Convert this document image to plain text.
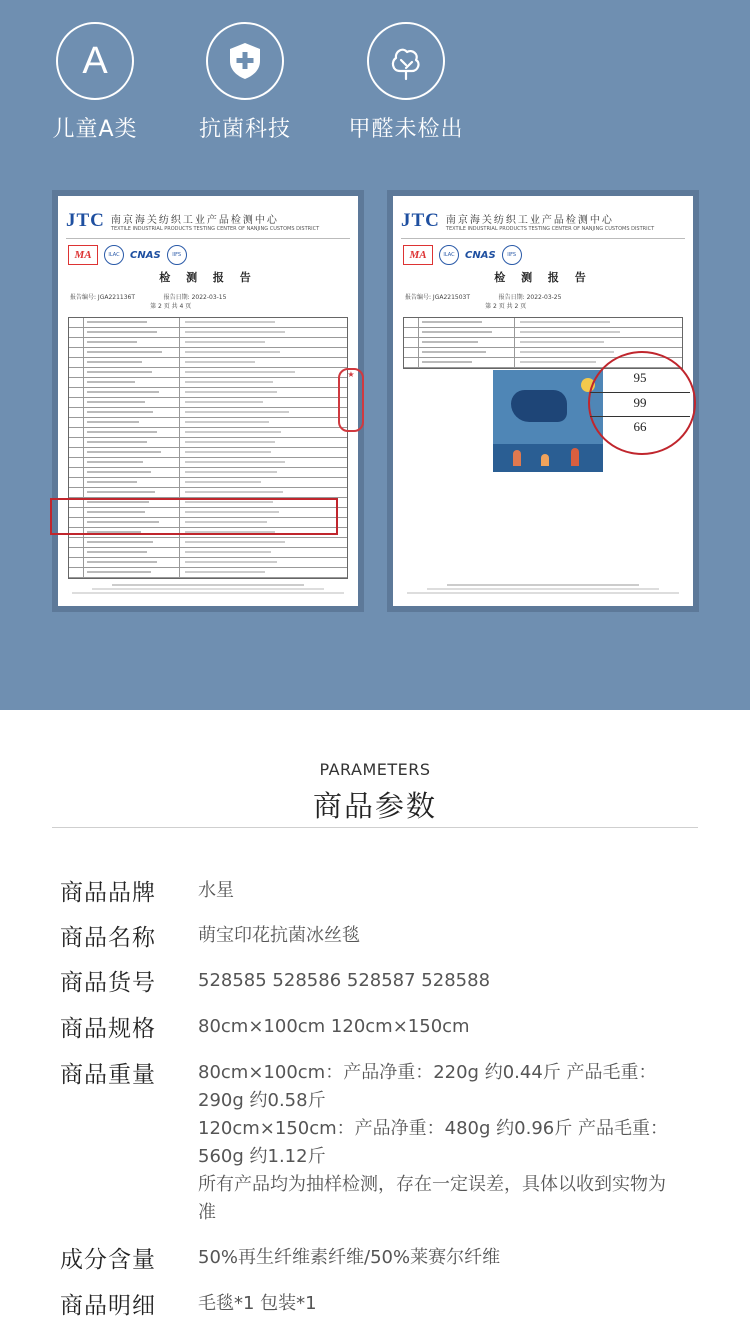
A
儿童A类	抗菌科技	甲醛未检出
JTC 南京海关纺织工业产品检测中心
TEXTILE INDUSTRIAL PRODUCTS TESTING CENTER OF NANJING CUSTOMS DISTRICT
MA	ILAC	CNAS	IIFS
检 测 报 告
报告编号: JGA221136T	报告日期: 2022-03-15
第 2 页 共 4 页
★
JTC 南京海关纺织工业产品检测中心
TEXTILE INDUSTRIAL PRODUCTS TESTING CENTER OF NANJING CUSTOMS DISTRICT
MA	ILAC	CNAS	IIFS
检 测 报 告
报告编号: JGA221503T	报告日期: 2022-03-25
第 2 页 共 2 页
95
99
66
PARAMETERS
商品参数
商品品牌 水星
商品名称 萌宝印花抗菌冰丝毯
商品货号 528585 528586 528587 528588
商品规格 80cm×100cm 120cm×150cm
商品重量 80cm×100cm：产品净重：220g 约0.44斤 产品毛重：290g 约0.58斤
120cm×150cm：产品净重：480g 约0.96斤 产品毛重：560g 约1.12斤
所有产品均为抽样检测，存在一定误差，具体以收到实物为准
成分含量 50%再生纤维素纤维/50%莱赛尔纤维
商品明细 毛毯*1 包装*1
